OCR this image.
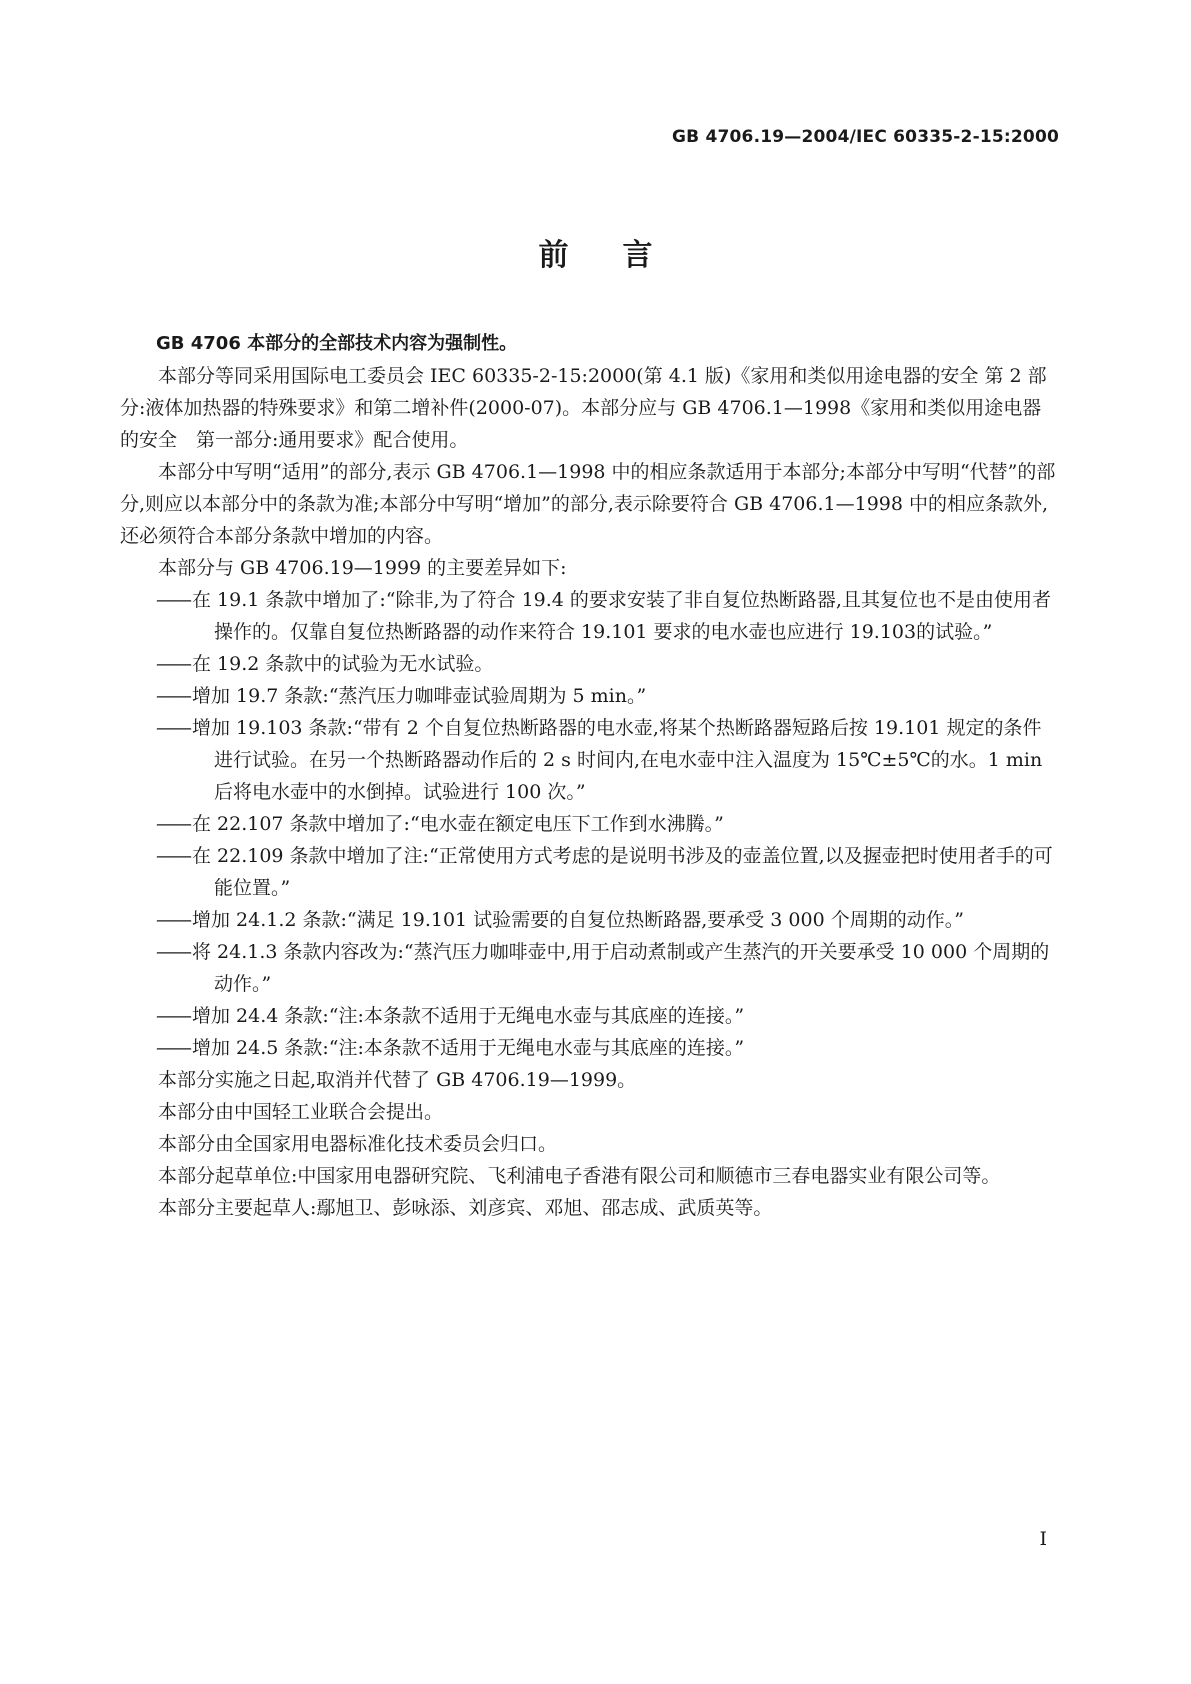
GB 4706.19—2004/IEC 60335-2-15:2000
前言

GB 4706 本部分的全部技术内容为强制性。

本部分等同采用国际电工委员会 IEC 60335-2-15:2000(第 4.1 版)《家用和类似用途电器的安全 第 2 部分:液体加热器的特殊要求》和第二增补件(2000-07)。本部分应与 GB 4706.1—1998《家用和类似用途电器的安全　第一部分:通用要求》配合使用。

本部分中写明“适用”的部分,表示 GB 4706.1—1998 中的相应条款适用于本部分;本部分中写明“代替”的部分,则应以本部分中的条款为准;本部分中写明“增加”的部分,表示除要符合 GB 4706.1—1998 中的相应条款外,还必须符合本部分条款中增加的内容。

本部分与 GB 4706.19—1999 的主要差异如下:

—— 在 19.1 条款中增加了:“除非,为了符合 19.4 的要求安装了非自复位热断路器,且其复位也不是由使用者操作的。仅靠自复位热断路器的动作来符合 19.101 要求的电水壶也应进行 19.103的试验。”
—— 在 19.2 条款中的试验为无水试验。
—— 增加 19.7 条款:“蒸汽压力咖啡壶试验周期为 5 min。”
—— 增加 19.103 条款:“带有 2 个自复位热断路器的电水壶,将某个热断路器短路后按 19.101 规定的条件进行试验。在另一个热断路器动作后的 2 s 时间内,在电水壶中注入温度为 15℃±5℃的水。1 min 后将电水壶中的水倒掉。试验进行 100 次。”
—— 在 22.107 条款中增加了:“电水壶在额定电压下工作到水沸腾。”
—— 在 22.109 条款中增加了注:“正常使用方式考虑的是说明书涉及的壶盖位置,以及握壶把时使用者手的可能位置。”
—— 增加 24.1.2 条款:“满足 19.101 试验需要的自复位热断路器,要承受 3 000 个周期的动作。”
—— 将 24.1.3 条款内容改为:“蒸汽压力咖啡壶中,用于启动煮制或产生蒸汽的开关要承受 10 000 个周期的动作。”
—— 增加 24.4 条款:“注:本条款不适用于无绳电水壶与其底座的连接。”
—— 增加 24.5 条款:“注:本条款不适用于无绳电水壶与其底座的连接。”

本部分实施之日起,取消并代替了 GB 4706.19—1999。

本部分由中国轻工业联合会提出。

本部分由全国家用电器标准化技术委员会归口。

本部分起草单位:中国家用电器研究院、飞利浦电子香港有限公司和顺德市三春电器实业有限公司等。

本部分主要起草人:鄢旭卫、彭咏添、刘彦宾、邓旭、邵志成、武质英等。

I
